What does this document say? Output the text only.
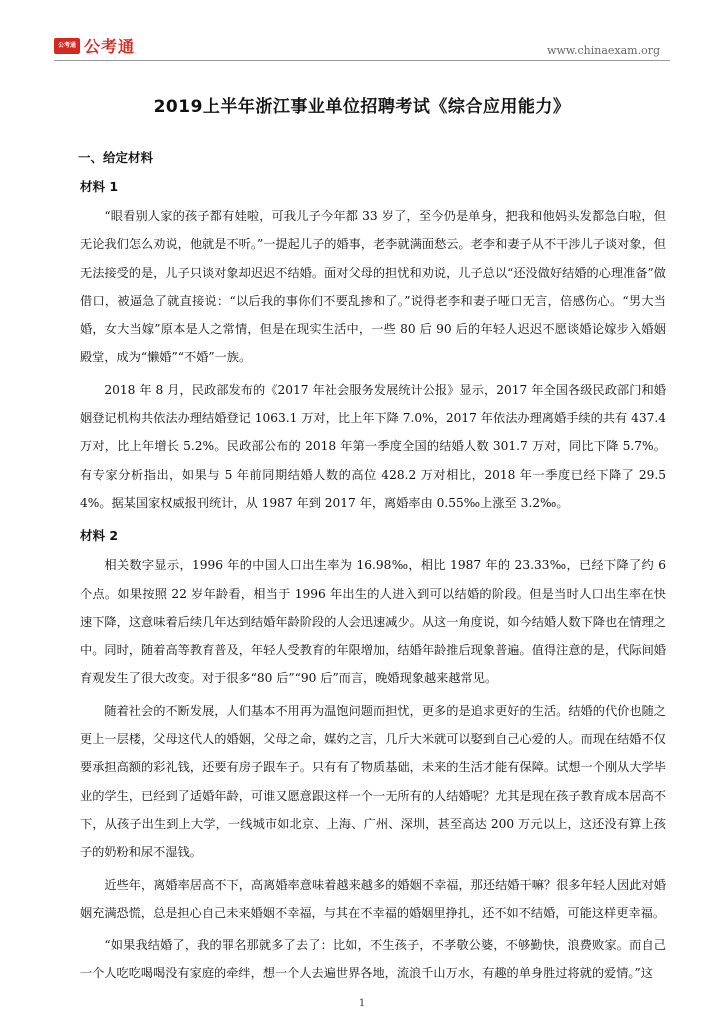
公考通 公考通	www.chinaexam.org
2019上半年浙江事业单位招聘考试《综合应用能力》
一、给定材料
材料 1

“眼看别人家的孩子都有娃啦，可我儿子今年都 33 岁了，至今仍是单身，把我和他妈头发都急白啦，但无论我们怎么劝说，他就是不听。”一提起儿子的婚事，老李就满面愁云。老李和妻子从不干涉儿子谈对象，但无法接受的是，儿子只谈对象却迟迟不结婚。面对父母的担忧和劝说，儿子总以“还没做好结婚的心理准备”做借口，被逼急了就直接说：“以后我的事你们不要乱掺和了。”说得老李和妻子哑口无言，倍感伤心。“男大当婚，女大当嫁”原本是人之常情，但是在现实生活中，一些 80 后 90 后的年轻人迟迟不愿谈婚论嫁步入婚姻殿堂，成为“懒婚”“不婚”一族。

2018 年 8 月，民政部发布的《2017 年社会服务发展统计公报》显示，2017 年全国各级民政部门和婚姻登记机构共依法办理结婚登记 1063.1 万对，比上年下降 7.0%，2017 年依法办理离婚手续的共有 437.4 万对，比上年增长 5.2%。民政部公布的 2018 年第一季度全国的结婚人数 301.7 万对，同比下降 5.7%。有专家分析指出，如果与 5 年前同期结婚人数的高位 428.2 万对相比，2018 年一季度已经下降了 29.54%。据某国家权威报刊统计，从 1987 年到 2017 年，离婚率由 0.55‰上涨至 3.2‰。

材料 2

相关数字显示，1996 年的中国人口出生率为 16.98‰，相比 1987 年的 23.33‰，已经下降了约 6 个点。如果按照 22 岁年龄看，相当于 1996 年出生的人进入到可以结婚的阶段。但是当时人口出生率在快速下降，这意味着后续几年达到结婚年龄阶段的人会迅速减少。从这一角度说，如今结婚人数下降也在情理之中。同时，随着高等教育普及，年轻人受教育的年限增加，结婚年龄推后现象普遍。值得注意的是，代际间婚育观发生了很大改变。对于很多“80 后”“90 后”而言，晚婚现象越来越常见。

随着社会的不断发展，人们基本不用再为温饱问题而担忧，更多的是追求更好的生活。结婚的代价也随之更上一层楼，父母这代人的婚姻，父母之命，媒妁之言，几斤大米就可以娶到自己心爱的人。而现在结婚不仅要承担高额的彩礼钱，还要有房子跟车子。只有有了物质基础，未来的生活才能有保障。试想一个刚从大学毕业的学生，已经到了适婚年龄，可谁又愿意跟这样一个一无所有的人结婚呢？尤其是现在孩子教育成本居高不下，从孩子出生到上大学，一线城市如北京、上海、广州、深圳，甚至高达 200 万元以上，这还没有算上孩子的奶粉和尿不湿钱。

近些年，离婚率居高不下，高离婚率意味着越来越多的婚姻不幸福，那还结婚干嘛？很多年轻人因此对婚姻充满恐慌，总是担心自己未来婚姻不幸福，与其在不幸福的婚姻里挣扎，还不如不结婚，可能这样更幸福。

“如果我结婚了，我的罪名那就多了去了：比如，不生孩子，不孝敬公婆，不够勤快，浪费败家。而自己一个人吃吃喝喝没有家庭的牵绊，想一个人去遍世界各地，流浪千山万水，有趣的单身胜过将就的爱情。”这

1
